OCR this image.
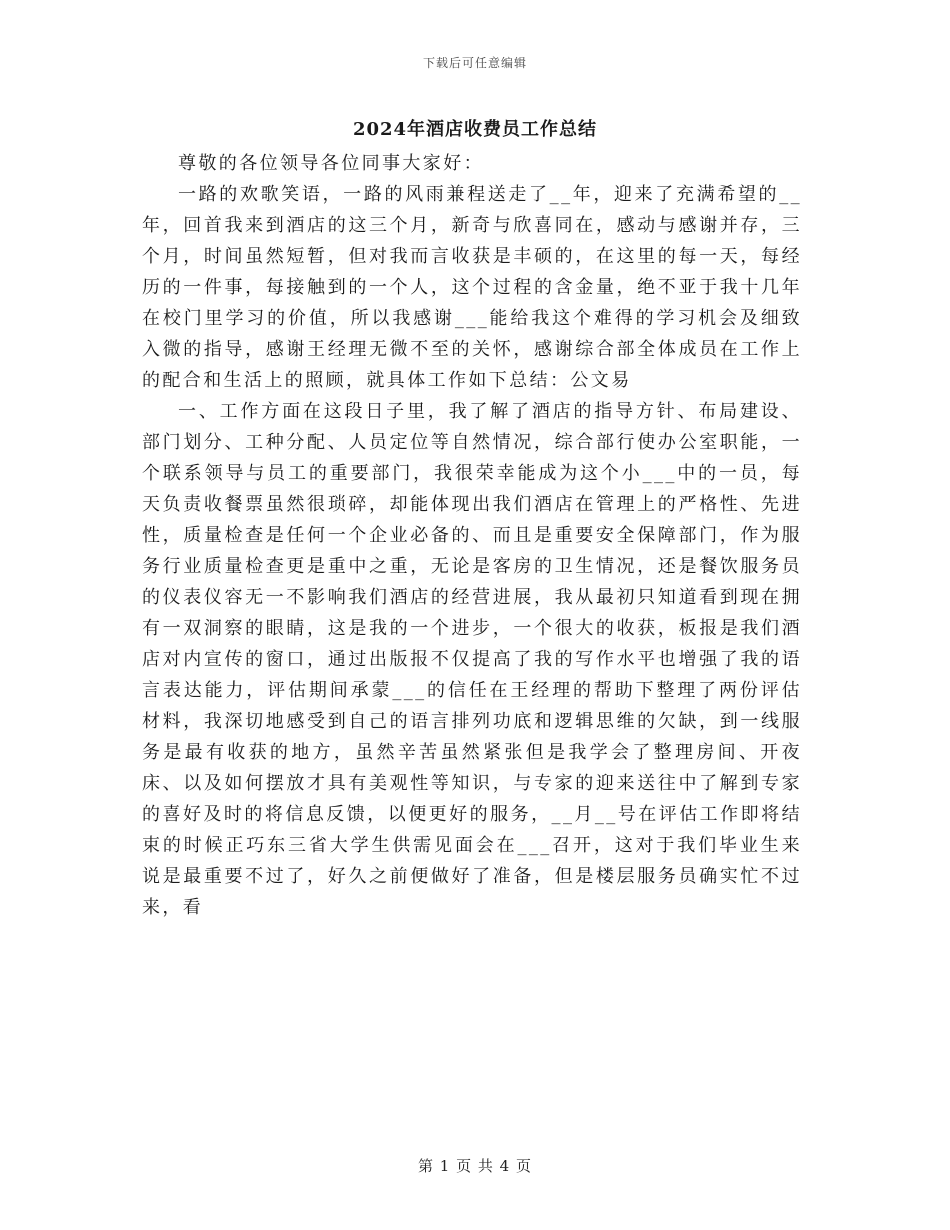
下载后可任意编辑
2024年酒店收费员工作总结

尊敬的各位领导各位同事大家好：

一路的欢歌笑语，一路的风雨兼程送走了__年，迎来了充满希望的__年，回首我来到酒店的这三个月，新奇与欣喜同在，感动与感谢并存，三个月，时间虽然短暂，但对我而言收获是丰硕的，在这里的每一天，每经历的一件事，每接触到的一个人，这个过程的含金量，绝不亚于我十几年在校门里学习的价值，所以我感谢___能给我这个难得的学习机会及细致入微的指导，感谢王经理无微不至的关怀，感谢综合部全体成员在工作上的配合和生活上的照顾，就具体工作如下总结：公文易

一、工作方面在这段日子里，我了解了酒店的指导方针、布局建设、部门划分、工种分配、人员定位等自然情况，综合部行使办公室职能，一个联系领导与员工的重要部门，我很荣幸能成为这个小___中的一员，每天负责收餐票虽然很琐碎，却能体现出我们酒店在管理上的严格性、先进性，质量检查是任何一个企业必备的、而且是重要安全保障部门，作为服务行业质量检查更是重中之重，无论是客房的卫生情况，还是餐饮服务员的仪表仪容无一不影响我们酒店的经营进展，我从最初只知道看到现在拥有一双洞察的眼睛，这是我的一个进步，一个很大的收获，板报是我们酒店对内宣传的窗口，通过出版报不仅提高了我的写作水平也增强了我的语言表达能力，评估期间承蒙___的信任在王经理的帮助下整理了两份评估材料，我深切地感受到自己的语言排列功底和逻辑思维的欠缺，到一线服务是最有收获的地方，虽然辛苦虽然紧张但是我学会了整理房间、开夜床、以及如何摆放才具有美观性等知识，与专家的迎来送往中了解到专家的喜好及时的将信息反馈，以便更好的服务，__月__号在评估工作即将结束的时候正巧东三省大学生供需见面会在___召开，这对于我们毕业生来说是最重要不过了，好久之前便做好了准备，但是楼层服务员确实忙不过来，看

第 1 页 共 4 页
